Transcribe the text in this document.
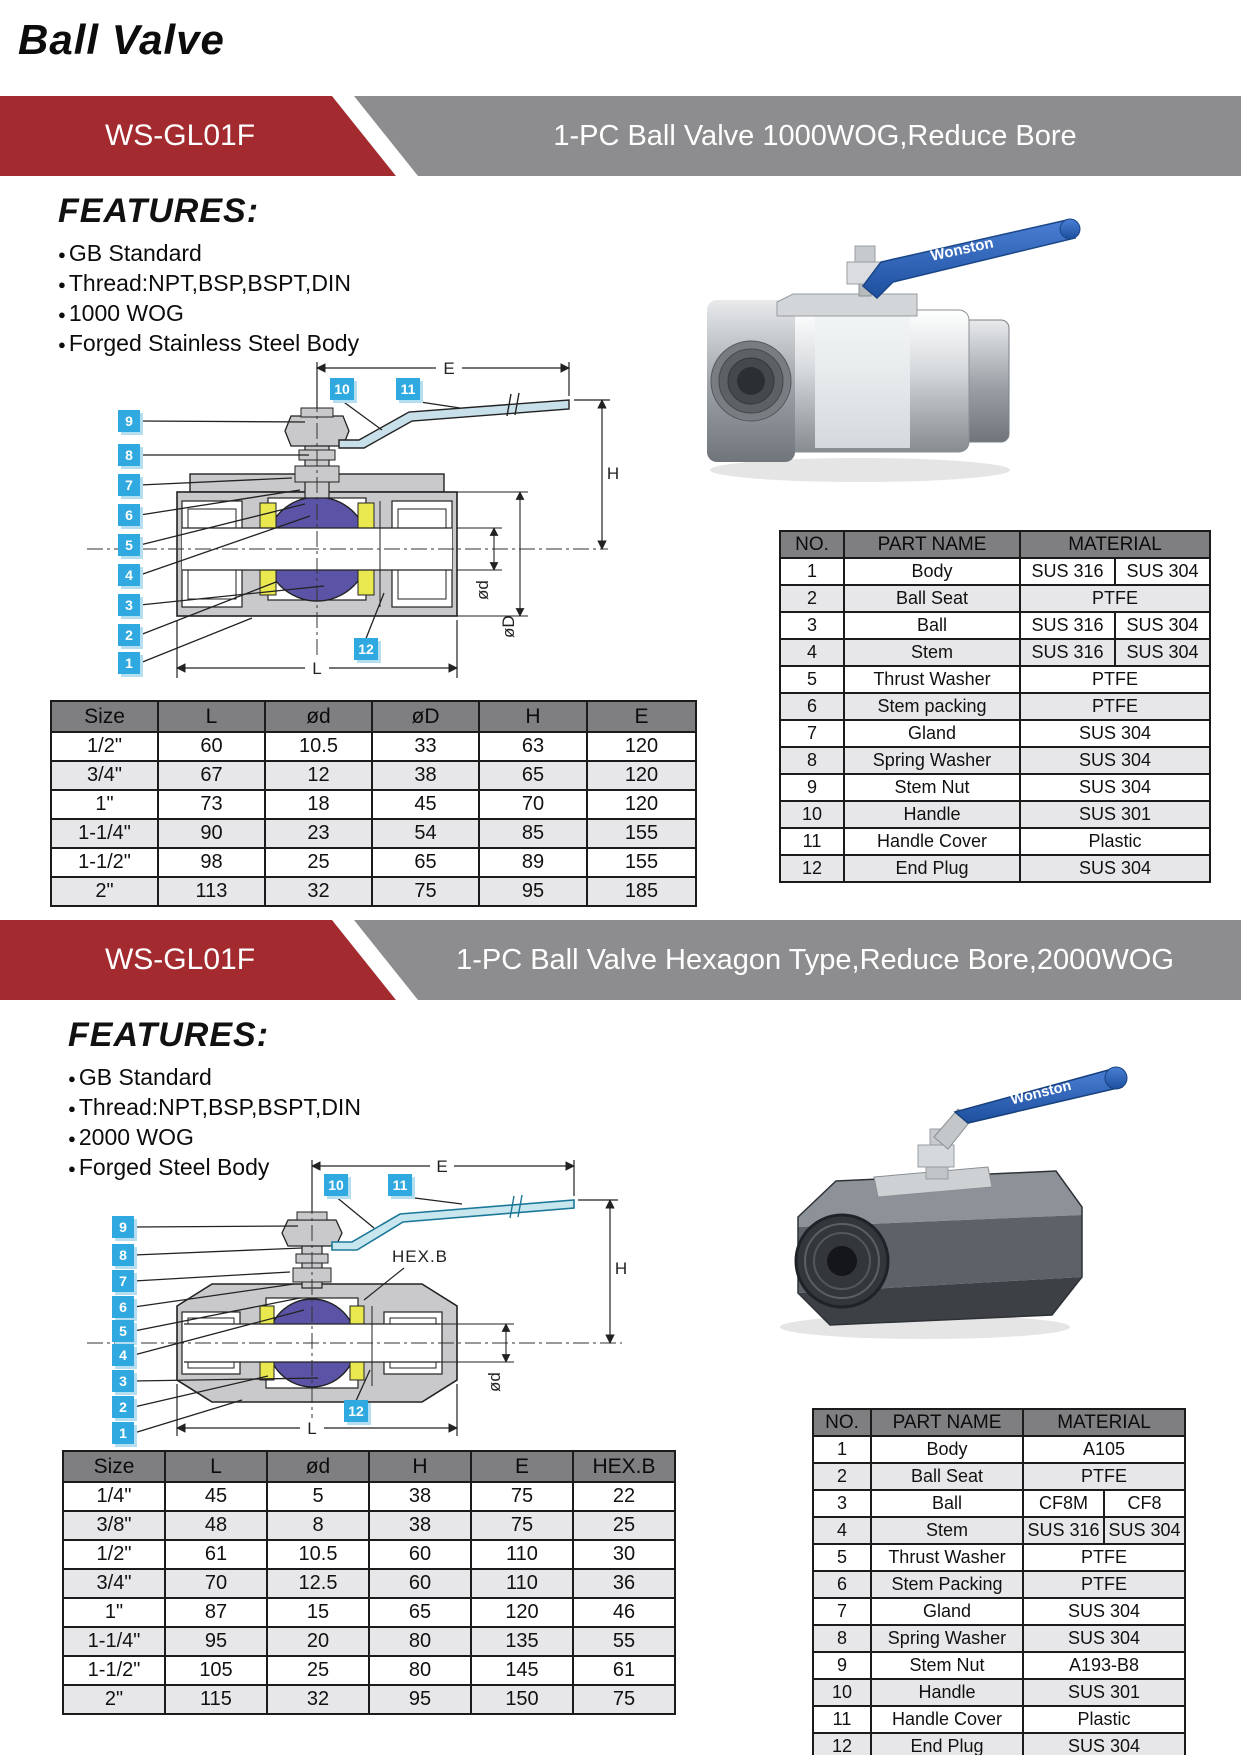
Ball Valve
WS-GL01F	1-PC Ball Valve 1000WOG,Reduce Bore
FEATURES:
● GB Standard
● Thread:NPT,BSP,BSPT,DIN
● 1000 WOG
● Forged Stainless Steel Body
E
H
ød
øD
L
9
8
7
6
5
4
3
2
1
10	11
12
Wonston
Size	L	ød	øD	H	E
1/2"	60	10.5	33	63	120
3/4"	67	12	38	65	120
1"	73	18	45	70	120
1-1/4"	90	23	54	85	155
1-1/2"	98	25	65	89	155
2"	113	32	75	95	185
NO.	PART NAME	MATERIAL	
1	Body	SUS 316	SUS 304
2	Ball Seat	PTFE	
3	Ball	SUS 316	SUS 304
4	Stem	SUS 316	SUS 304
5	Thrust Washer	PTFE	
6	Stem packing	PTFE	
7	Gland	SUS 304	
8	Spring Washer	SUS 304	
9	Stem Nut	SUS 304	
10	Handle	SUS 301	
11	Handle Cover	Plastic	
12	End Plug	SUS 304	
WS-GL01F	1-PC Ball Valve Hexagon Type,Reduce Bore,2000WOG
FEATURES:
● GB Standard
● Thread:NPT,BSP,BSPT,DIN
● 2000 WOG
● Forged Steel Body
HEX.B
E
H
ød
L
9
8
7
6
5
4
3
2
1
10	11
12
Wonston
Size	L	ød	H	E	HEX.B
1/4"	45	5	38	75	22
3/8"	48	8	38	75	25
1/2"	61	10.5	60	110	30
3/4"	70	12.5	60	110	36
1"	87	15	65	120	46
1-1/4"	95	20	80	135	55
1-1/2"	105	25	80	145	61
2"	115	32	95	150	75
NO.	PART NAME	MATERIAL	
1	Body	A105	
2	Ball Seat	PTFE	
3	Ball	CF8M	CF8
4	Stem	SUS 316	SUS 304
5	Thrust Washer	PTFE	
6	Stem Packing	PTFE	
7	Gland	SUS 304	
8	Spring Washer	SUS 304	
9	Stem Nut	A193-B8	
10	Handle	SUS 301	
11	Handle Cover	Plastic	
12	End Plug	SUS 304	
